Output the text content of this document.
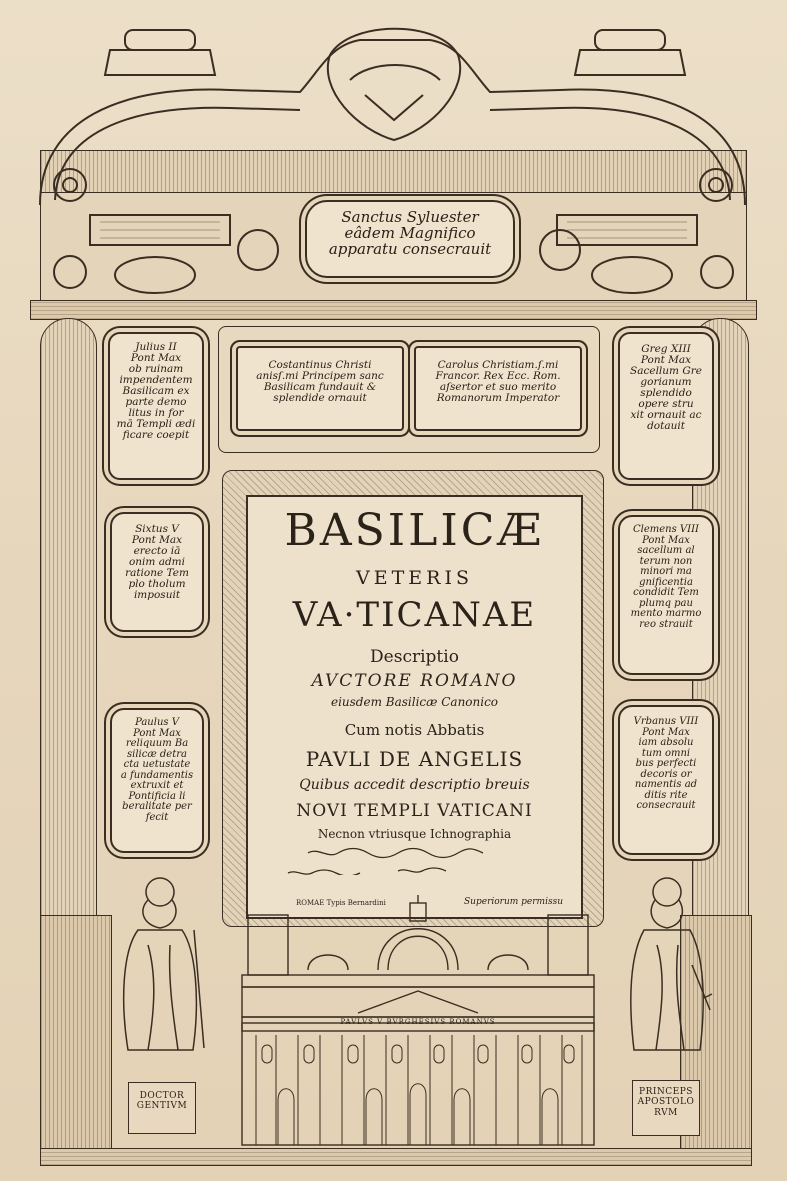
Sanctus Syluester

eâdem Magnifico

apparatu consecrauit

Julius II

Pont Max

ob ruinam

impendentem

Basilicam ex

parte demo

litus in for

mā Templi ædi

ficare coepit

Sixtus V

Pont Max

erecto iā

onim admi

ratione Tem

plo tholum

imposuit

Paulus V

Pont Max

reliquum Ba

silicæ detra

cta uetustate

a fundamentis

extruxit et

Pontificia li

beralitate per

fecit

Greg XIII

Pont Max

Sacellum Gre

gorianum

splendido

opere stru

xit ornauit ac

dotauit

Clemens VIII

Pont Max

sacellum al

terum non

minori ma

gnificentia

condidit Tem

plumq pau

mento marmo

reo strauit

Vrbanus VIII

Pont Max

iam absolu

tum omni

bus perfecti

decoris or

namentis ad

ditis rite

consecrauit

Costantinus Christi

anisſ.mi Principem sanc

Basilicam fundauit &

splendide ornauit

Carolus Christiam.ſ.mi

Francor. Rex Ecc. Rom.

aſsertor et suo merito

Romanorum Imperator

BASILICÆ
VETERIS
VA·TICANAE
Descriptio
AVCTORE ROMANO
eiusdem Basilicæ Canonico
Cum notis Abbatis
PAVLI DE ANGELIS
Quibus accedit descriptio breuis
NOVI TEMPLI VATICANI
Necnon vtriusque Ichnographia
ROMAE Typis Bernardini	Superiorum permissu
PAVLVS V BVRGHESIVS ROMANVS
DOCTOR
GENTIVM
PRINCEPS
APOSTOLO
RVM
